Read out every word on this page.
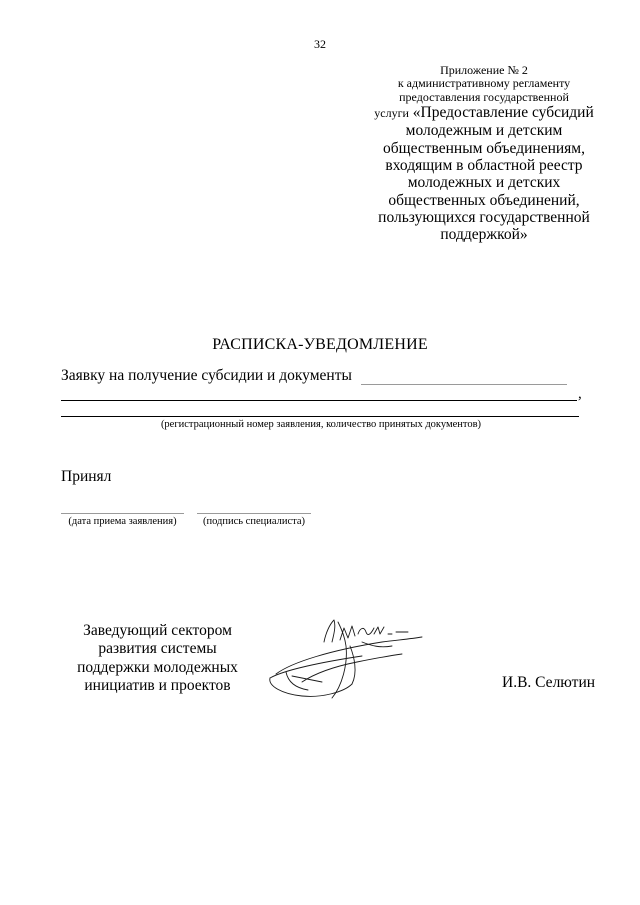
32
Приложение № 2
к административному регламенту
предоставления государственной
услуги «Предоставление субсидий
молодежным и детским
общественным объединениям,
входящим в областной реестр
молодежных и детских
общественных объединений,
пользующихся государственной
поддержкой»
РАСПИСКА-УВЕДОМЛЕНИЕ
Заявку на получение субсидии и документы
,
(регистрационный номер заявления, количество принятых документов)
Принял
(дата приема заявления)	(подпись специалиста)
Заведующий сектором
развития системы
поддержки молодежных
инициатив и проектов	И.В. Селютин
